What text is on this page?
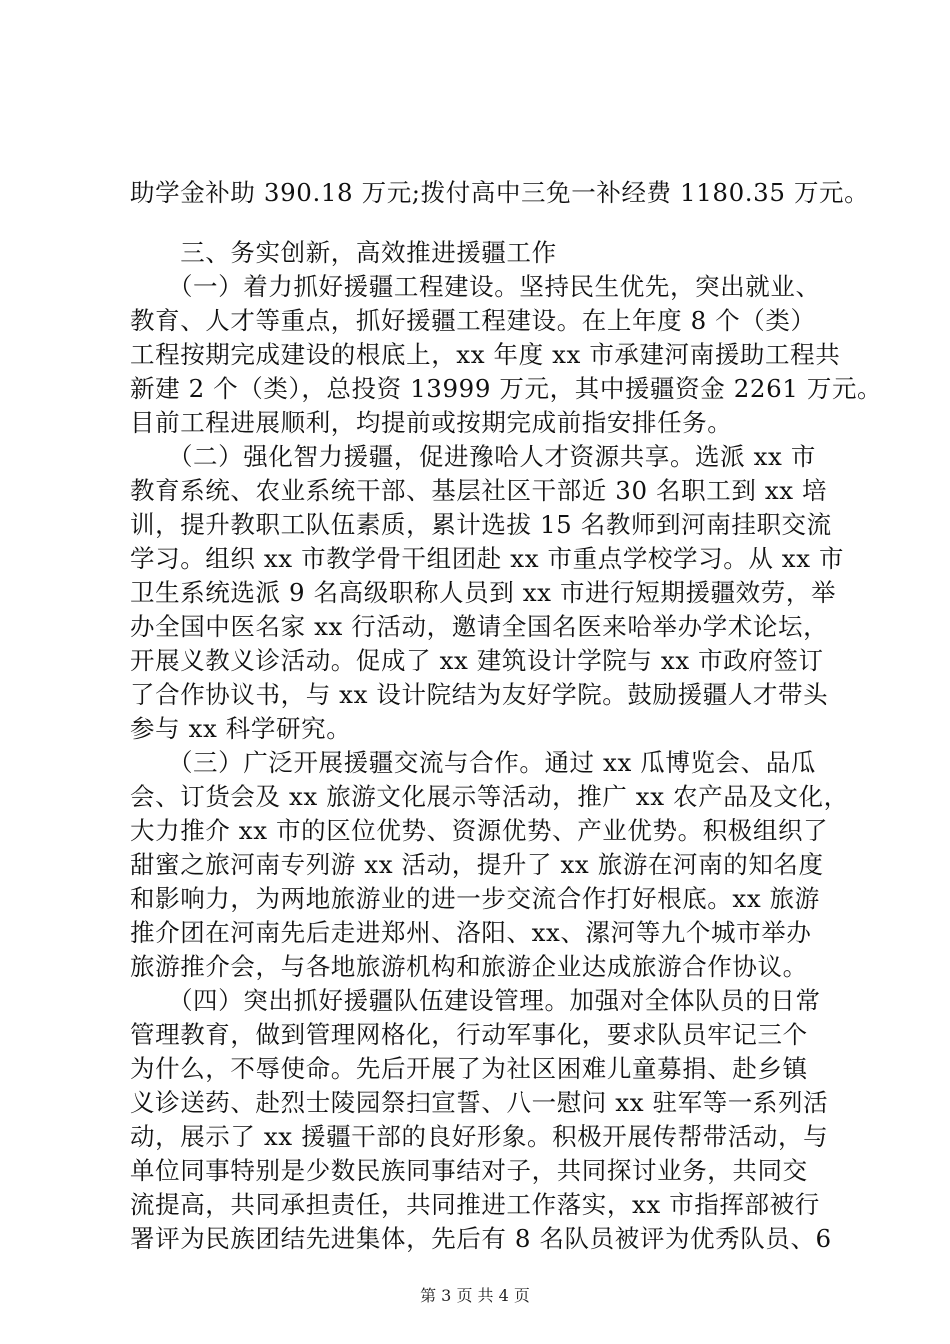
助学金补助 390.18 万元;拨付高中三免一补经费 1180.35 万元。
　　三、务实创新，高效推进援疆工作
　　（一）着力抓好援疆工程建设。坚持民生优先，突出就业、
教育、人才等重点，抓好援疆工程建设。在上年度 8 个（类）
工程按期完成建设的根底上，xx 年度 xx 市承建河南援助工程共
新建 2 个（类），总投资 13999 万元，其中援疆资金 2261 万元。
目前工程进展顺利，均提前或按期完成前指安排任务。
　　（二）强化智力援疆，促进豫哈人才资源共享。选派 xx 市
教育系统、农业系统干部、基层社区干部近 30 名职工到 xx 培
训，提升教职工队伍素质，累计选拔 15 名教师到河南挂职交流
学习。组织 xx 市教学骨干组团赴 xx 市重点学校学习。从 xx 市
卫生系统选派 9 名高级职称人员到 xx 市进行短期援疆效劳，举
办全国中医名家 xx 行活动，邀请全国名医来哈举办学术论坛，
开展义教义诊活动。促成了 xx 建筑设计学院与 xx 市政府签订
了合作协议书，与 xx 设计院结为友好学院。鼓励援疆人才带头
参与 xx 科学研究。
　　（三）广泛开展援疆交流与合作。通过 xx 瓜博览会、品瓜
会、订货会及 xx 旅游文化展示等活动，推广 xx 农产品及文化，
大力推介 xx 市的区位优势、资源优势、产业优势。积极组织了
甜蜜之旅河南专列游 xx 活动，提升了 xx 旅游在河南的知名度
和影响力，为两地旅游业的进一步交流合作打好根底。xx 旅游
推介团在河南先后走进郑州、洛阳、xx、漯河等九个城市举办
旅游推介会，与各地旅游机构和旅游企业达成旅游合作协议。
　　（四）突出抓好援疆队伍建设管理。加强对全体队员的日常
管理教育，做到管理网格化，行动军事化，要求队员牢记三个
为什么，不辱使命。先后开展了为社区困难儿童募捐、赴乡镇
义诊送药、赴烈士陵园祭扫宣誓、八一慰问 xx 驻军等一系列活
动，展示了 xx 援疆干部的良好形象。积极开展传帮带活动，与
单位同事特别是少数民族同事结对子，共同探讨业务，共同交
流提高，共同承担责任，共同推进工作落实，xx 市指挥部被行
署评为民族团结先进集体，先后有 8 名队员被评为优秀队员、6
第 3 页 共 4 页
